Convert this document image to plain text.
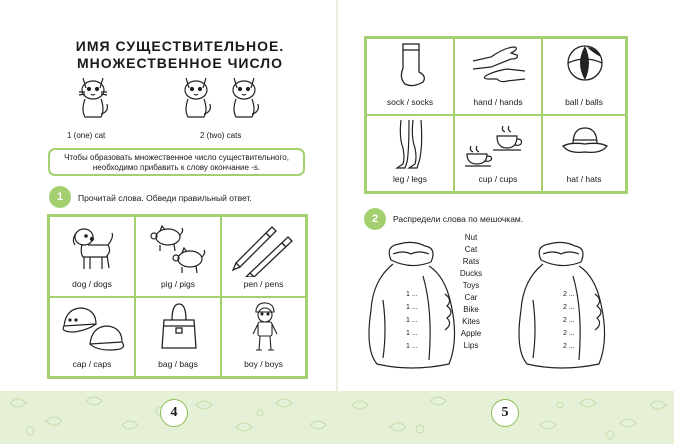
ИМЯ СУЩЕСТВИТЕЛЬНОЕ.
МНОЖЕСТВЕННОЕ ЧИСЛО
1 (one) cat	2 (two) cats
Чтобы образовать множественное число существительного, необходимо прибавить к слову окончание -s.
1	Прочитай слова. Обведи правильный ответ.
dog / dogs	pig / pigs	pen / pens
cap / caps	bag / bags	boy / boys
sock / socks	hand / hands	ball / balls
leg / legs	cup / cups	hat / hats
2	Распредели слова по мешочкам.
1 ...
1 ...
1 ...
1 ...
1 ...
Nut
Cat
Rats
Ducks
Toys
Car
Bike
Kites
Apple
Lips
2 ...
2 ...
2 ...
2 ...
2 ...
4	5
